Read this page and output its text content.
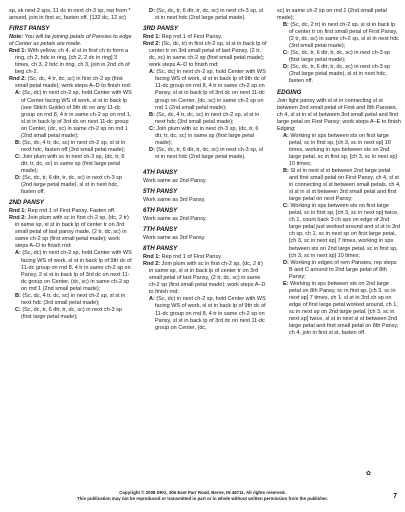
sp, sk next 2 sps, 11 dc in next ch-3 sp, rep from * around, join in first sc, fasten off. (132 dc, 12 sc)

FIRST PANSY

Note: You will be joining petals of Pansies to edge of Center as petals are made.

Rnd 1: With yellow, ch 4, sl st in first ch to form a ring, ch 2, hdc in ring, [ch 2, 2 dc in ring] 3 times, ch 3, 2 hdc in ring, ch 3, join in 2nd ch of beg ch-2.

Rnd 2: (Sc, dc, 4 tr, dc, sc) in first ch-2 sp (first small petal made); work steps A–D to finish rnd:

A: (Sc, dc) in next ch-2 sp, hold Center with WS of Center facing WS of work, sl st in back lp (see Stitch Guide) of 9th dc on any 11-dc group on rnd 8, 4 tr in same ch-2 sp on rnd 1, sl st in back lp of 3rd dc on next 11-dc group on Center, (dc, sc) in same ch-2 sp on rnd 1 (2nd small petal made);

B: (Sc, dc, 4 tr, dc, sc) in next ch-2 sp, sl st in next hdc, fasten off (3rd small petal made);

C: Join plum with sc in next ch-3 sp, (dc, tr, 6 dtr, tr, dc, sc) in same sp (first large petal made);

D: (Sc, dc, tr, 6 dtr, tr, dc, sc) in next ch-3 sp (2nd large petal made), sl st in next hdc, fasten off.

2ND PANSY

Rnd 1: Rep rnd 1 of First Pansy. Fasten off.

Rnd 2: Join plum with sc in first ch-2 sp, (dc, 2 tr) in same sp, sl st in back lp of center tr on 3rd small petal of last pansy made, (2 tr, dc, sc) in same ch-2 sp (first small petal made); work steps A–D to finish rnd:

A: (Sc, dc) in next ch-2 sp, hold Center with WS facing WS of work, sl st in back lp of 9th dc of 11-dc group on rnd 8, 4 tr in same ch-2 sp on Pansy, 2 sl st in back lp of 3rd dc on next 11-dc group on Center, (dc, sc) in same ch-2 sp on rnd 1 (2nd small petal made);

B: (Sc, dc, 4 tr, dc, sc) in next ch-2 sp, sl st in next hdc (3rd small petal made);

C: (Sc, dc, tr, 6 dtr, tr, dc, sc) in next ch-3 sp (first large petal made);

D: (Sc, dc, tr, 6 dtr, tr, dc, sc) in next ch-3 sp, sl st in next hdc (2nd large petal made).

3RD PANSY

Rnd 1: Rep rnd 1 of First Pansy.

Rnd 2: (Sc, dc, tr) in first ch-2 sp, sl st in back lp of center tr on 3rd small petal of last Pansy, (2 tr, dc, sc) in same ch-2 sp (first small petal made); work steps A–D to finish rnd:

A: (Sc, dc) in next ch-2 sp, hold Center with WS facing WS of work, sl st in back lp of 9th dc of 11-dc group on rnd 8, 4 tr in same ch-2 sp on Pansy, sl st in back lp of 3rd dc on next 11-dc group on Center, (dc, sc) in same ch-2 sp on rnd 1 (2nd small petal made);

B: (Sc, dc, 4 tr, dc, sc) in next ch-2 sp, sl st in next hdc (3rd small petal made);

C: Join plum with sc in next ch-3 sp, (dc, tr, 6 dtr, tr, dc, sc) in same sp (first large petal made);

D: (Sc, dc, tr, 6 dtr, tr, dc, sc) in next ch-3 sp, sl st in next hdc (2nd large petal made).

4TH PANSY

Work same as 2nd Pansy.

5TH PANSY

Work same as 3rd Pansy.

6TH PANSY

Work same as 2nd Pansy.

7TH PANSY

Work same as 3rd Pansy.

8TH PANSY

Rnd 1: Rep rnd 1 of First Pansy.

Rnd 2: Join plum with sc in first ch-2 sp, (dc, 2 tr) in same sp, sl st in back lp of center tr on 3rd small petal of last Pansy, (2 tr, dc, sc) in same ch-2 sp (first small petal made); work steps A–D to finish rnd:

A: (Sc, dc) in next ch-2 sp, hold Center with WS facing WS of work, sl st in back lp of 9th dc of 11-dc group on rnd 8, 4 tr in same ch-2 sp on Pansy, sl st in back lp of 3rd dc on next 11-dc group on Center, (dc,

sc) in same ch-2 sp on rnd 1 (2nd small petal made);

B: (Sc, dc, 2 tr) in next ch-2 sp, sl st in back lp of center tr on first small petal of First Pansy, (2 tr, dc, sc) in same ch-2 sp, sl st in next hdc (3rd small petal made);

C: (Sc, dc, tr, 6 dtr, tr, dc, sc) in next ch-3 sp (first large petal made);

D: (Sc, dc, tr, 6 dtr, tr, dc, sc) in next ch-3 sp (2nd large petal made), sl st in next hdc, fasten off.

EDGING

Join light pansy with sl st in connecting sl st between 2nd small petal of First and 8th Pansies, ch 4, sl st in sl st between 3rd small petal and first large petal on First Pansy; work steps A–E to finish Edging:

A: Working in sps between sts on first large petal, sc in first sp, [ch 3, sc in next sp] 10 times, working in sps between sts on 2nd large petal, sc in first sp, [ch 3, sc in next sp] 10 times;

B: Sl st in next sl st between 2nd large petal and first small petal on First Pansy, ch 4, sl st in connecting sl st between small petals, ch 4, sl st in sl st between 3rd small petal and first large petal on next Pansy;

C: Working in sps between sts on first large petal, sc in first sp, [ch 3, sc in next sp] twice, ch 1, count back 3 ch sps on edge of 2nd large petal just worked around and sl st in 3rd ch sp, ch 1, sc in next sp on first large petal, [ch 3, sc in next sp] 7 times, working in sps between sts on 2nd large petal, sc in first sp, [ch 3, sc in next sp] 10 times;

D: Working in edges of rem Pansies, rep steps B and C around to 2nd large petal of 8th Pansy;

E: Working in sps between sts on 2nd large petal on 8th Pansy, sc in first sp, [ch 3, sc in next sp] 7 times, ch 1, sl st in 3rd ch sp on edge of first large petal worked around, ch 1, sc in next sp on 2nd large petal, [ch 3, sc in next sp] twice, sl st in next sl st between 2nd large petal and first small petal on 8th Pansy, ch 4, join in first sl st, fasten off.

✿
Copyright © 2008 DRG, 306 East Parr Road, Berne, IN 46711. All rights reserved.
This publication may not be reproduced or transmitted in part or in whole without written permission from the publisher.	7
